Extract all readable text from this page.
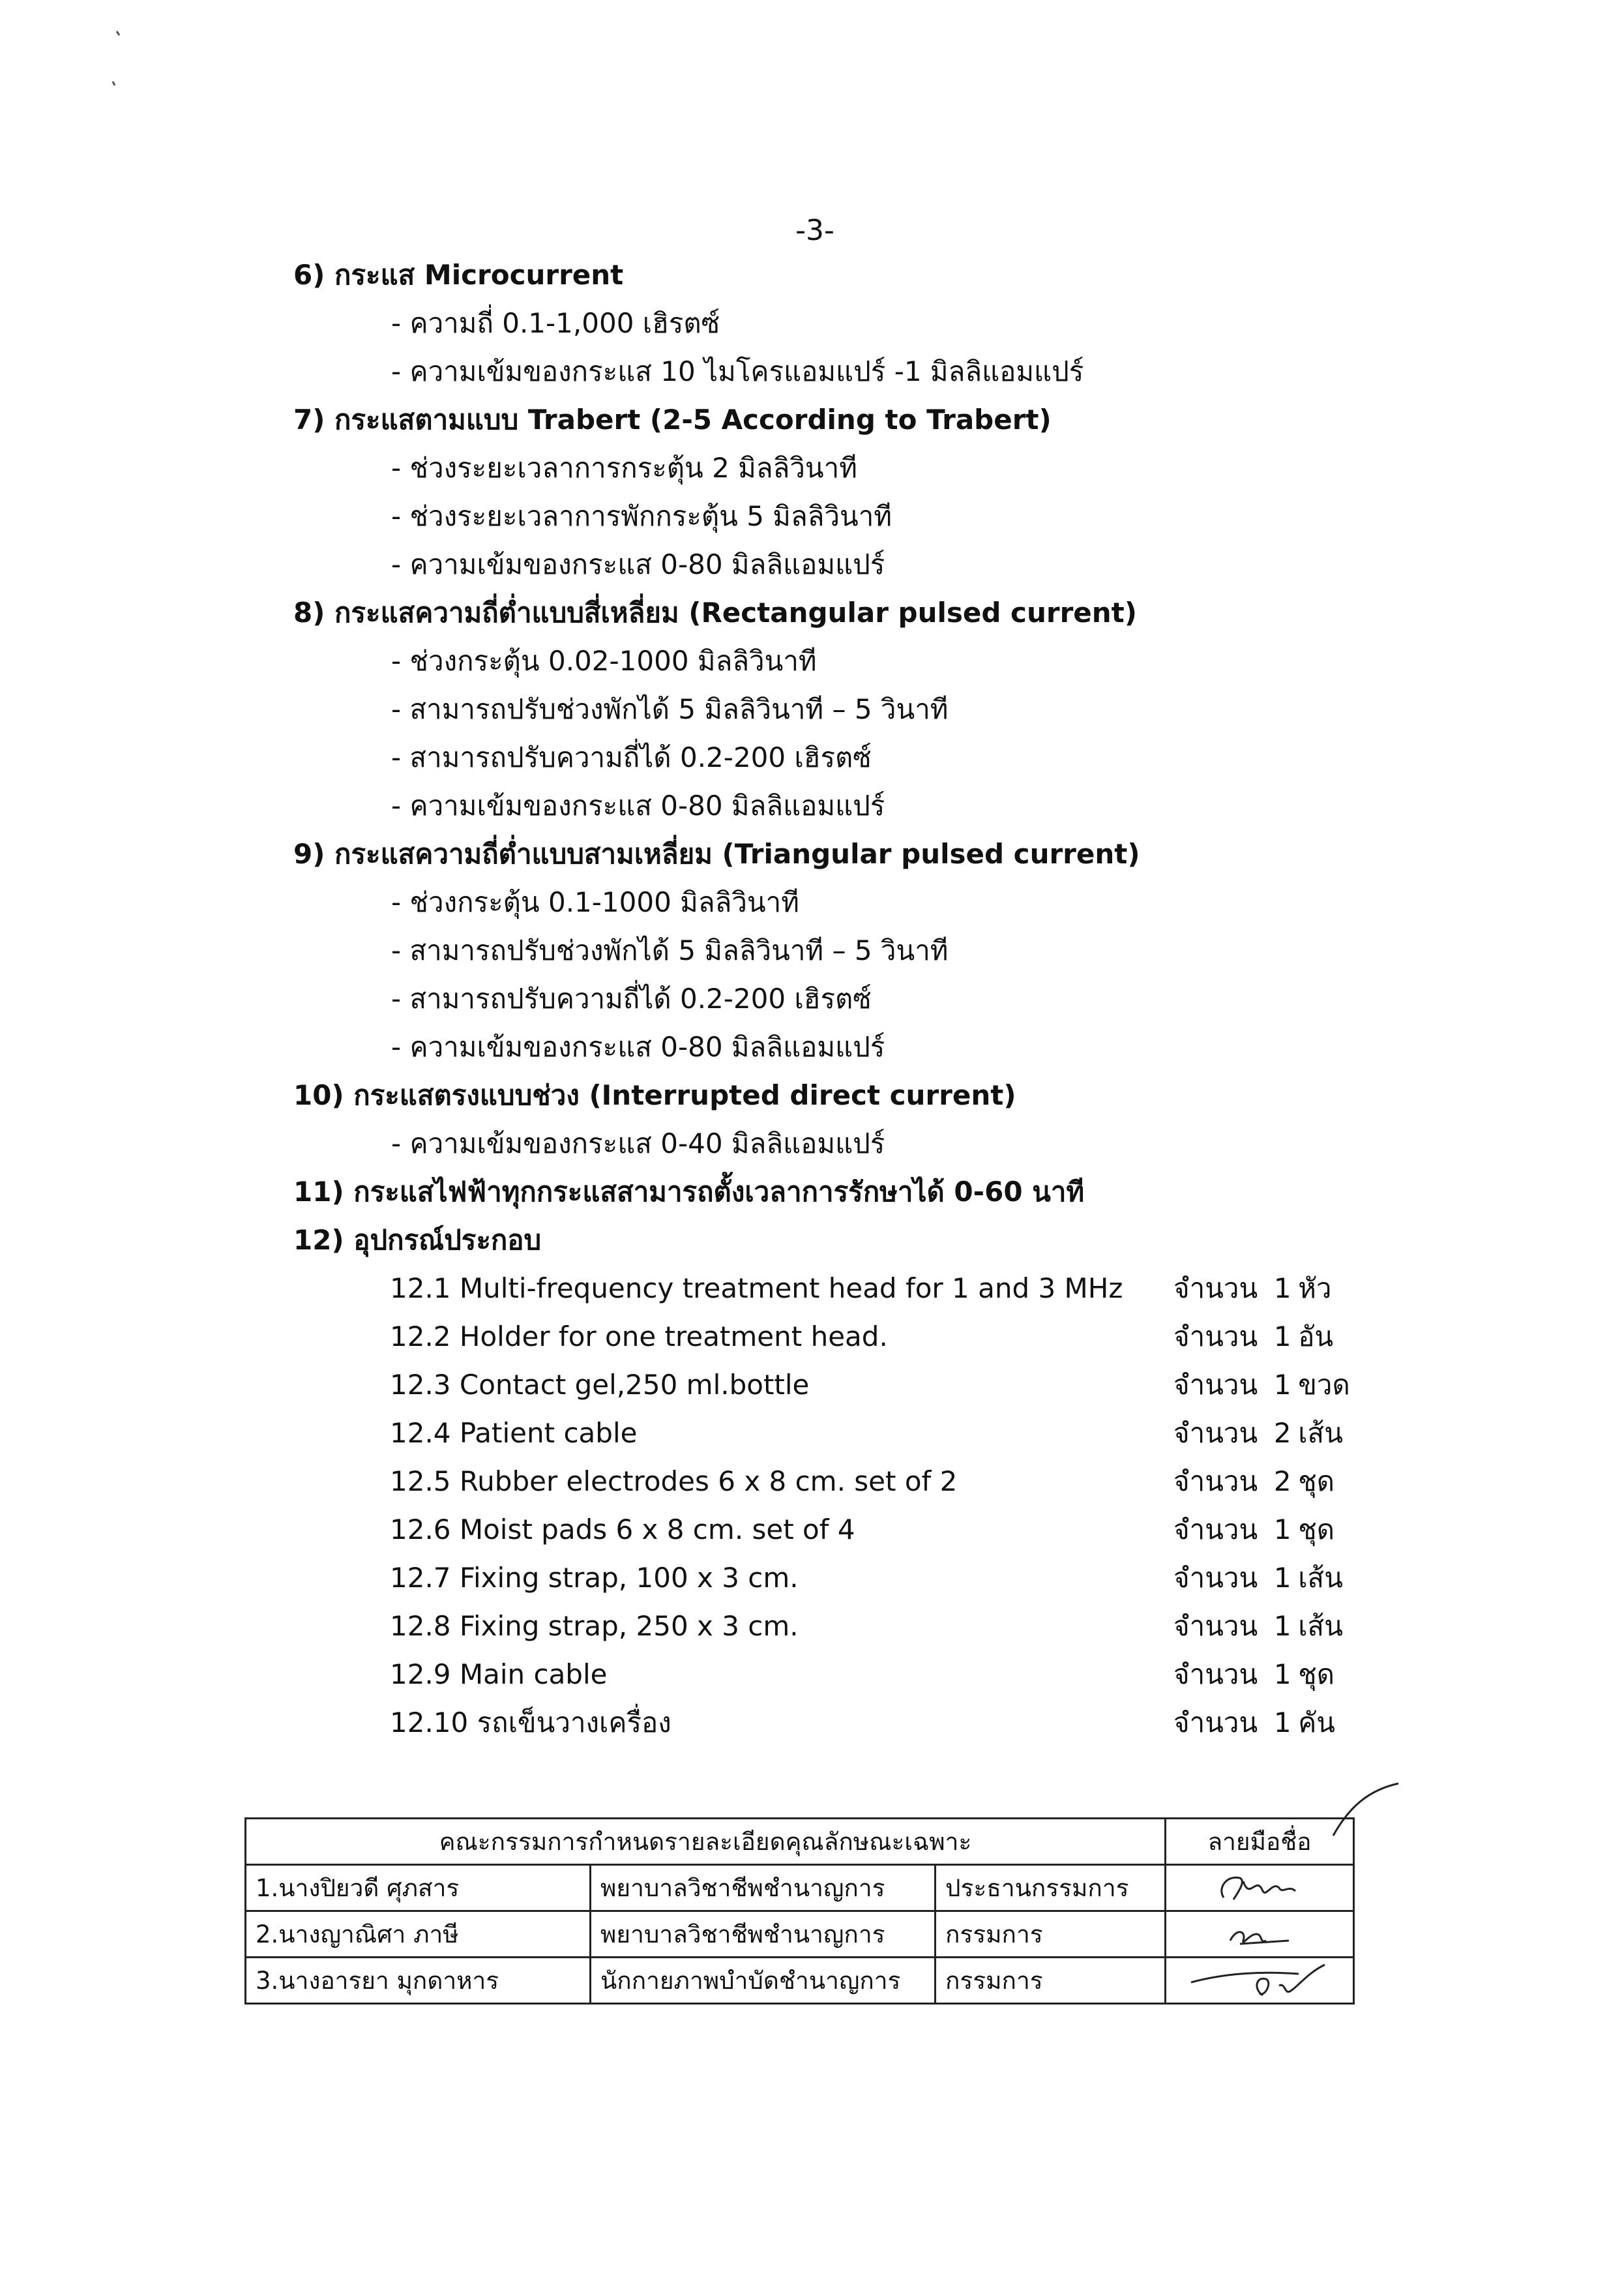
-3-
6) กระแส Microcurrent
- ความถี่ 0.1-1,000 เฮิรตซ์
- ความเข้มของกระแส 10 ไมโครแอมแปร์ -1 มิลลิแอมแปร์
7) กระแสตามแบบ Trabert (2-5 According to Trabert)
- ช่วงระยะเวลาการกระตุ้น 2 มิลลิวินาที
- ช่วงระยะเวลาการพักกระตุ้น 5 มิลลิวินาที
- ความเข้มของกระแส 0-80 มิลลิแอมแปร์
8) กระแสความถี่ต่ำแบบสี่เหลี่ยม (Rectangular pulsed current)
- ช่วงกระตุ้น 0.02-1000 มิลลิวินาที
- สามารถปรับช่วงพักได้ 5 มิลลิวินาที – 5 วินาที
- สามารถปรับความถี่ได้ 0.2-200 เฮิรตซ์
- ความเข้มของกระแส 0-80 มิลลิแอมแปร์
9) กระแสความถี่ต่ำแบบสามเหลี่ยม (Triangular pulsed current)
- ช่วงกระตุ้น 0.1-1000 มิลลิวินาที
- สามารถปรับช่วงพักได้ 5 มิลลิวินาที – 5 วินาที
- สามารถปรับความถี่ได้ 0.2-200 เฮิรตซ์
- ความเข้มของกระแส 0-80 มิลลิแอมแปร์
10) กระแสตรงแบบช่วง (Interrupted direct current)
- ความเข้มของกระแส 0-40 มิลลิแอมแปร์
11) กระแสไฟฟ้าทุกกระแสสามารถตั้งเวลาการรักษาได้ 0-60 นาที
12) อุปกรณ์ประกอบ
12.1 Multi-frequency treatment head for 1 and 3 MHz จำนวน 1 หัว
12.2 Holder for one treatment head.	จำนวน 1 อัน
12.3 Contact gel,250 ml.bottle	จำนวน 1 ขวด
12.4 Patient cable	จำนวน 2 เส้น
12.5 Rubber electrodes 6 x 8 cm. set of 2	จำนวน 2 ชุด
12.6 Moist pads 6 x 8 cm. set of 4	จำนวน 1 ชุด
12.7 Fixing strap, 100 x 3 cm.	จำนวน 1 เส้น
12.8 Fixing strap, 250 x 3 cm.	จำนวน 1 เส้น
12.9 Main cable	จำนวน 1 ชุด
12.10 รถเข็นวางเครื่อง	จำนวน 1 คัน
คณะกรรมการกำหนดรายละเอียดคุณลักษณะเฉพาะ			ลายมือชื่อ
1.นางปิยวดี ศุภสาร	พยาบาลวิชาชีพชำนาญการ	ประธานกรรมการ	

2.นางญาณิศา ภาษี	พยาบาลวิชาชีพชำนาญการ	กรรมการ	

3.นางอารยา มุกดาหาร	นักกายภาพบำบัดชำนาญการ	กรรมการ	
